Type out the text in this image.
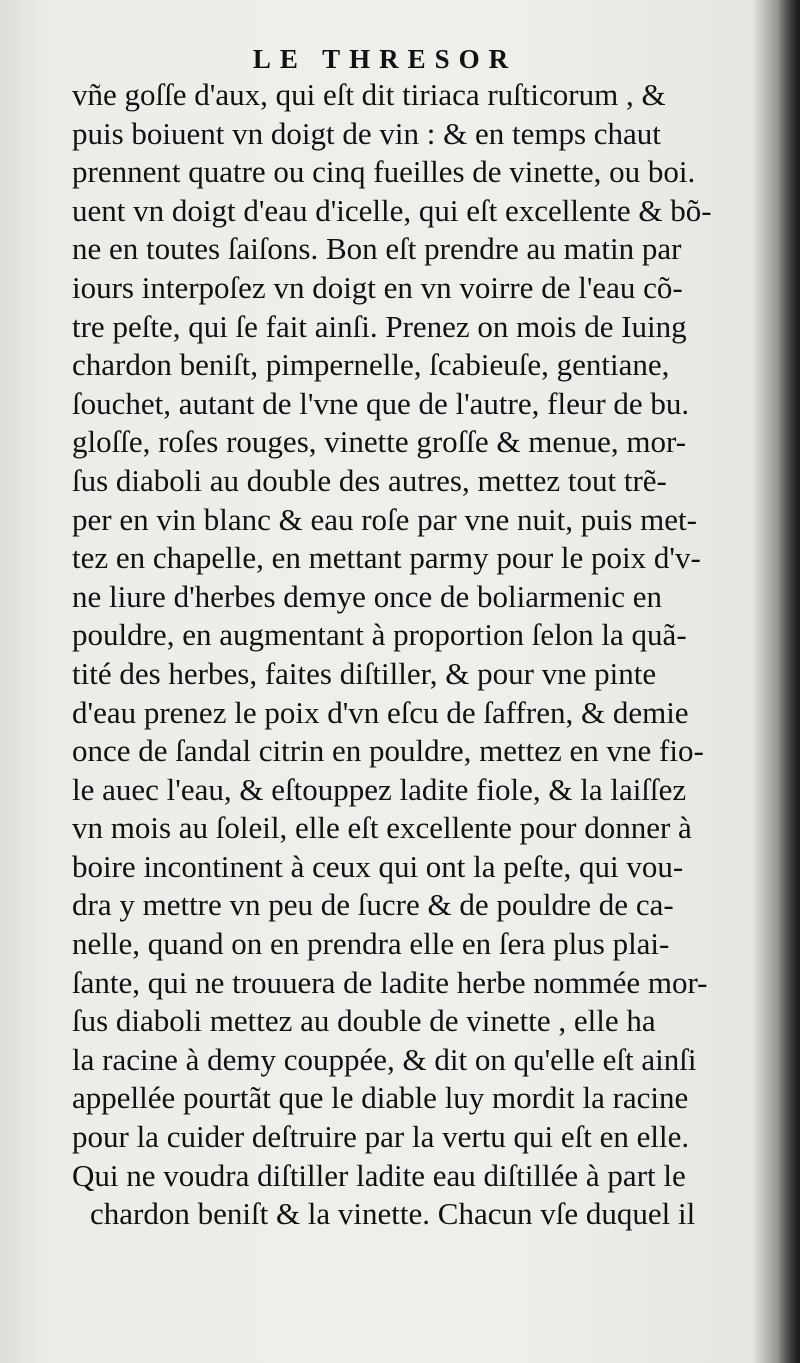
LE THRESOR
vñe goſſe d'aux, qui eſt dit tiriaca ruſticorum , &
puis boiuent vn doigt de vin : & en temps chaut
prennent quatre ou cinq fueilles de vinette, ou boi.
uent vn doigt d'eau d'icelle, qui eſt excellente & bõ-
ne en toutes ſaiſons. Bon eſt prendre au matin par
iours interpoſez vn doigt en vn voirre de l'eau cõ-
tre peſte, qui ſe fait ainſi. Prenez on mois de Iuing
chardon beniſt, pimpernelle, ſcabieuſe, gentiane,
ſouchet, autant de l'vne que de l'autre, fleur de bu.
gloſſe, roſes rouges, vinette groſſe & menue, mor-
ſus diaboli au double des autres, mettez tout trẽ-
per en vin blanc & eau roſe par vne nuit, puis met-
tez en chapelle, en mettant parmy pour le poix d'v-
ne liure d'herbes demye once de boliarmenic en
pouldre, en augmentant à proportion ſelon la quã-
tité des herbes, faites diſtiller, & pour vne pinte
d'eau prenez le poix d'vn eſcu de ſaffren, & demie
once de ſandal citrin en pouldre, mettez en vne fio-
le auec l'eau, & eſtouppez ladite fiole, & la laiſſez
vn mois au ſoleil, elle eſt excellente pour donner à
boire incontinent à ceux qui ont la peſte, qui vou-
dra y mettre vn peu de ſucre & de pouldre de ca-
nelle, quand on en prendra elle en ſera plus plai-
ſante, qui ne trouuera de ladite herbe nommée mor-
ſus diaboli mettez au double de vinette , elle ha
la racine à demy couppée, & dit on qu'elle eſt ainſi
appellée pourtãt que le diable luy mordit la racine
pour la cuider deſtruire par la vertu qui eſt en elle.
Qui ne voudra diſtiller ladite eau diſtillée à part le
chardon beniſt & la vinette. Chacun vſe duquel il
